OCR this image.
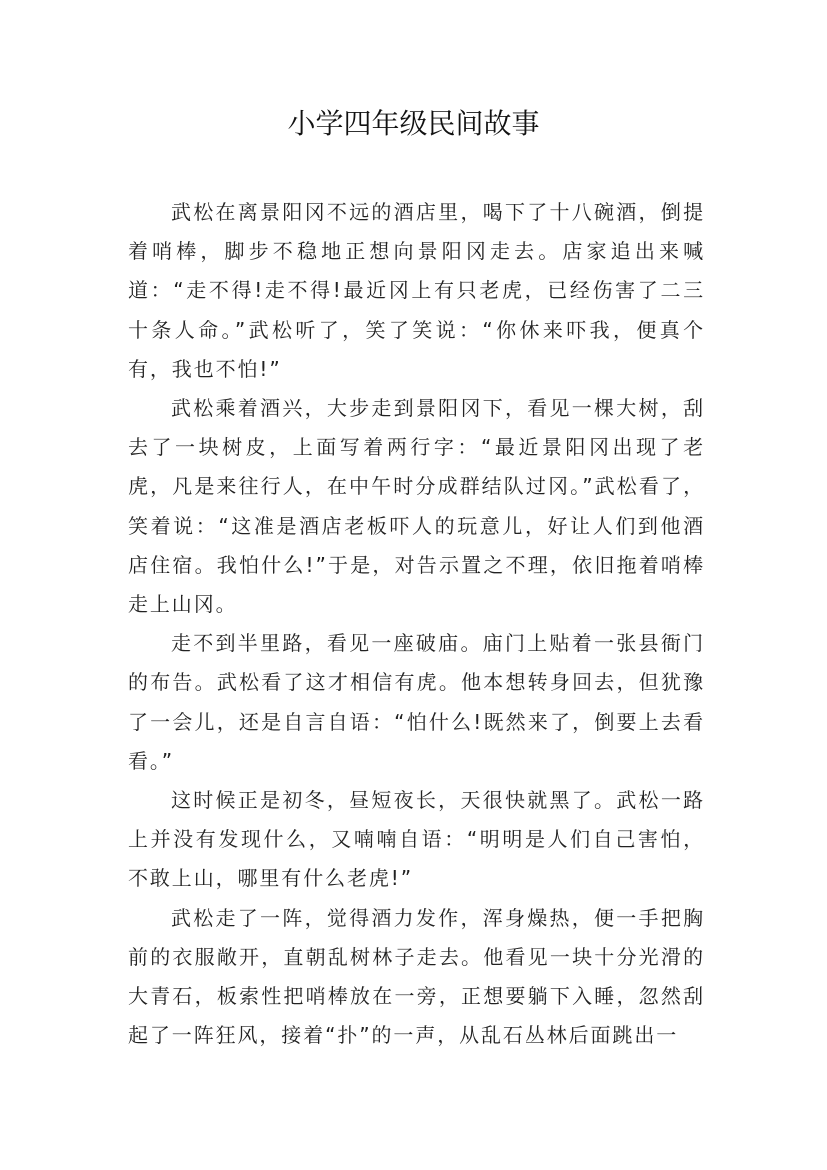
小学四年级民间故事

武松在离景阳冈不远的酒店里，喝下了十八碗酒，倒提着哨棒，脚步不稳地正想向景阳冈走去。店家追出来喊道：“走不得!走不得!最近冈上有只老虎，已经伤害了二三十条人命。”武松听了，笑了笑说：“你休来吓我，便真个有，我也不怕!”

武松乘着酒兴，大步走到景阳冈下，看见一棵大树，刮去了一块树皮，上面写着两行字：“最近景阳冈出现了老虎，凡是来往行人，在中午时分成群结队过冈。”武松看了，笑着说：“这准是酒店老板吓人的玩意儿，好让人们到他酒店住宿。我怕什么!”于是，对告示置之不理，依旧拖着哨棒走上山冈。

走不到半里路，看见一座破庙。庙门上贴着一张县衙门的布告。武松看了这才相信有虎。他本想转身回去，但犹豫了一会儿，还是自言自语：“怕什么!既然来了，倒要上去看看。”

这时候正是初冬，昼短夜长，天很快就黑了。武松一路上并没有发现什么，又喃喃自语：“明明是人们自己害怕，不敢上山，哪里有什么老虎!”

武松走了一阵，觉得酒力发作，浑身燥热，便一手把胸前的衣服敞开，直朝乱树林子走去。他看见一块十分光滑的大青石，板索性把哨棒放在一旁，正想要躺下入睡，忽然刮起了一阵狂风，接着“扑”的一声，从乱石丛林后面跳出一
